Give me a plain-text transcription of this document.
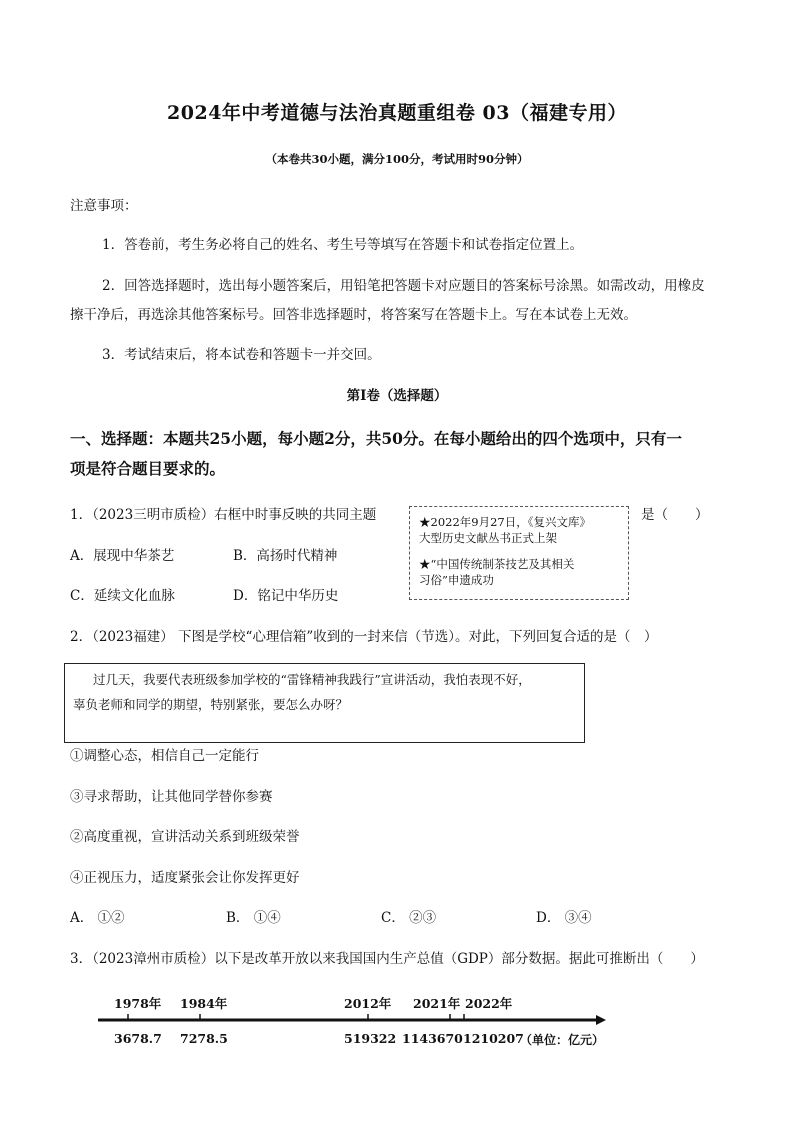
2024年中考道德与法治真题重组卷 03（福建专用）
（本卷共30小题，满分100分，考试用时90分钟）
注意事项：
1．答卷前，考生务必将自己的姓名、考生号等填写在答题卡和试卷指定位置上。
2．回答选择题时，选出每小题答案后，用铅笔把答题卡对应题目的答案标号涂黑。如需改动，用橡皮
擦干净后，再选涂其他答案标号。回答非选择题时，将答案写在答题卡上。写在本试卷上无效。
3．考试结束后，将本试卷和答题卡一并交回。
第Ⅰ卷（选择题）
一、选择题：本题共25小题，每小题2分，共50分。在每小题给出的四个选项中，只有一
项是符合题目要求的。
1．（2023三明市质检）右框中时事反映的共同主题	★2022年9月27日，《复兴文库》
大型历史文献丛书正式上架
★“中国传统制茶技艺及其相关
习俗”申遗成功
是（　　）
A．展现中华茶艺	B．高扬时代精神
C．延续文化血脉	D．铭记中华历史
2．（2023福建） 下图是学校“心理信箱”收到的一封来信（节选）。对此，下列回复合适的是（　）
过几天，我要代表班级参加学校的“雷锋精神我践行”宣讲活动，我怕表现不好，
辜负老师和同学的期望，特别紧张，要怎么办呀？
①调整心态，相信自己一定能行
③寻求帮助，让其他同学替你参赛
②高度重视，宣讲活动关系到班级荣誉
④正视压力，适度紧张会让你发挥更好
A． ①②	B． ①④	C． ②③	D． ③④
3．（2023漳州市质检）以下是改革开放以来我国国内生产总值（GDP）部分数据。据此可推断出（　　）
1978年 1984年	2012年 2021年 2022年
3678.7 7278.5	519322 1143670 1210207
（单位：亿元）
